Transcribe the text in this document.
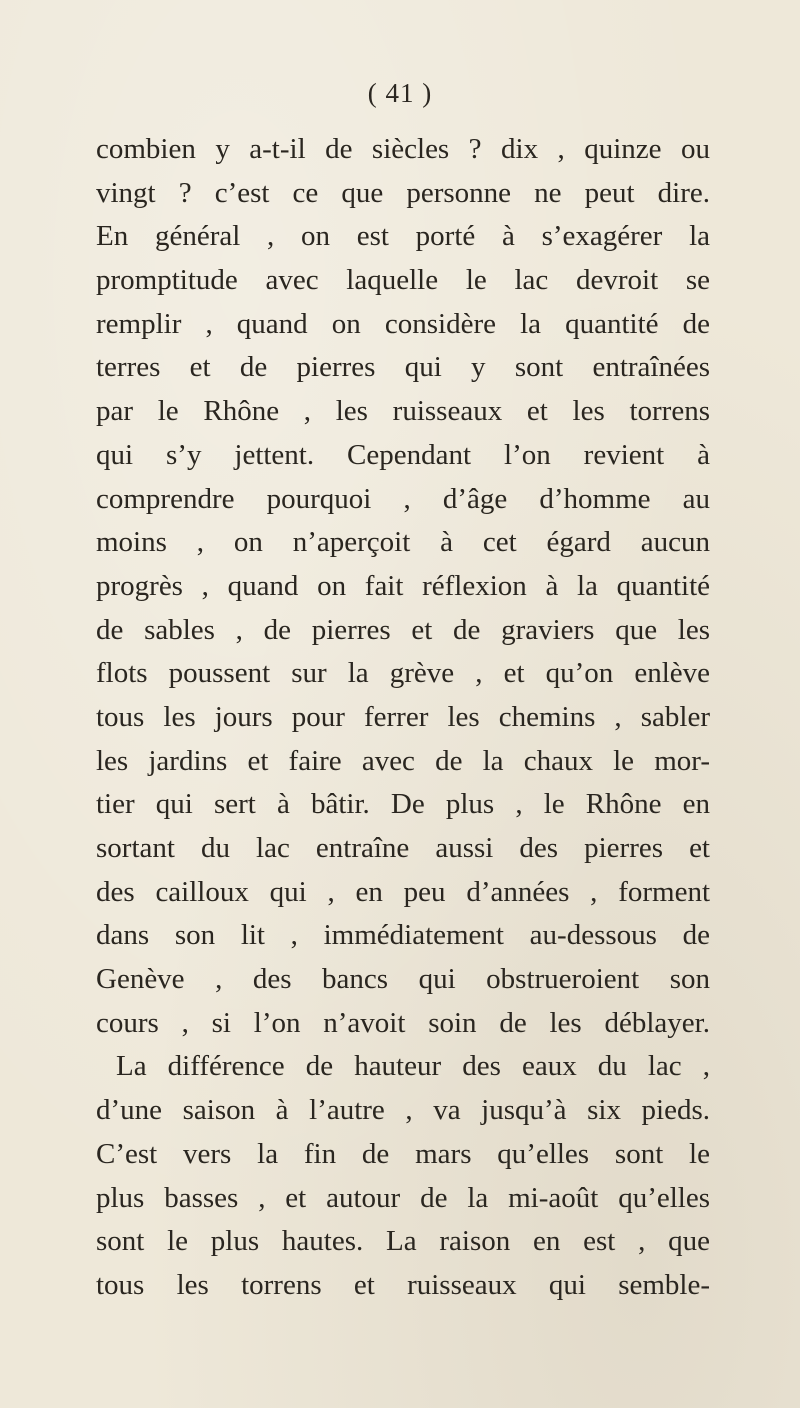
( 41 )
combien y a-t-il de siècles ? dix , quinze ou
vingt ? c’est ce que personne ne peut dire.
En général , on est porté à s’exagérer la
promptitude avec laquelle le lac devroit se
remplir , quand on considère la quantité de
terres et de pierres qui y sont entraînées
par le Rhône , les ruisseaux et les torrens
qui s’y jettent. Cependant l’on revient à
comprendre pourquoi , d’âge d’homme au
moins , on n’aperçoit à cet égard aucun
progrès , quand on fait réflexion à la quantité
de sables , de pierres et de graviers que les
flots poussent sur la grève , et qu’on enlève
tous les jours pour ferrer les chemins , sabler
les jardins et faire avec de la chaux le mor-
tier qui sert à bâtir. De plus , le Rhône en
sortant du lac entraîne aussi des pierres et
des cailloux qui , en peu d’années , forment
dans son lit , immédiatement au-dessous de
Genève , des bancs qui obstrueroient son
cours , si l’on n’avoit soin de les déblayer.
La différence de hauteur des eaux du lac ,
d’une saison à l’autre , va jusqu’à six pieds.
C’est vers la fin de mars qu’elles sont le
plus basses , et autour de la mi-août qu’elles
sont le plus hautes. La raison en est , que
tous les torrens et ruisseaux qui semble-
